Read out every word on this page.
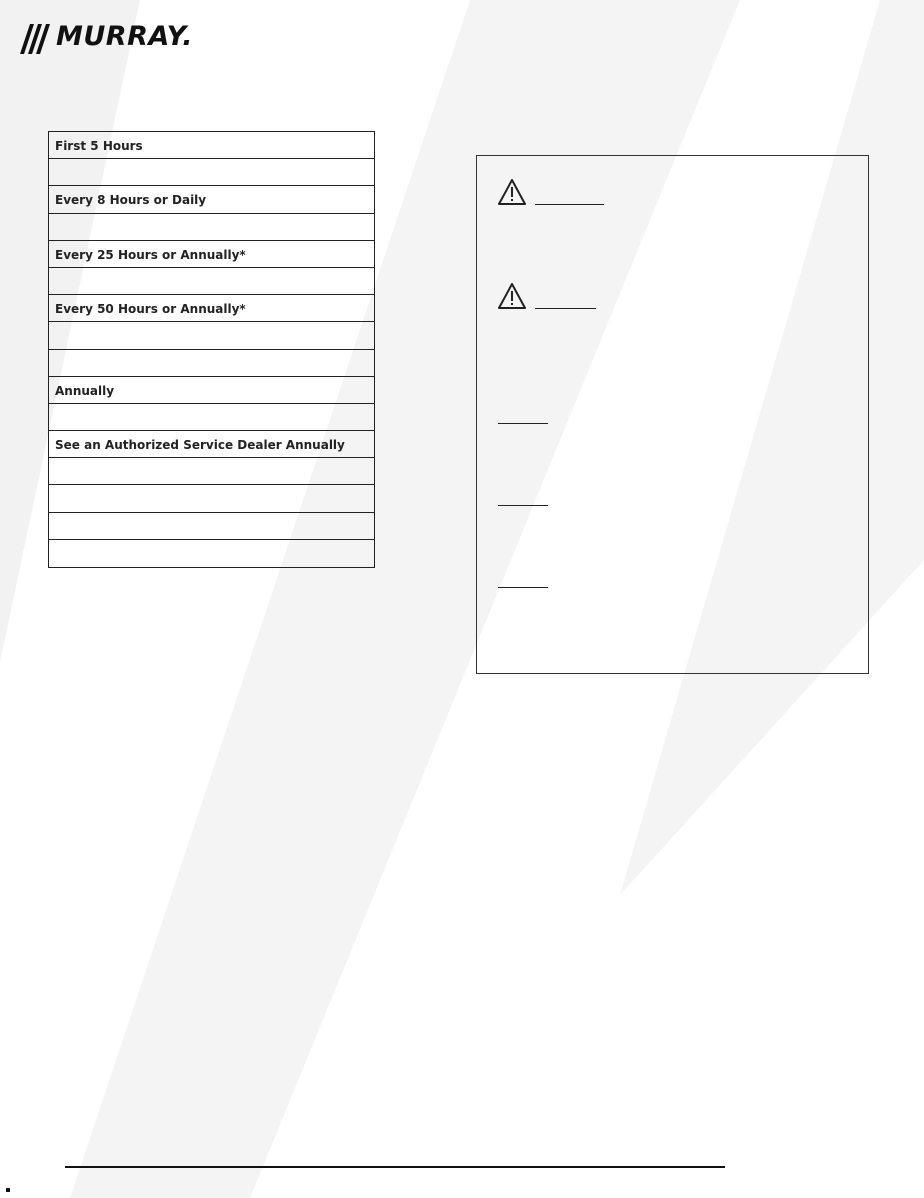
MURRAY.
First 5 Hours
Every 8 Hours or Daily
Every 25 Hours or Annually*
Every 50 Hours or Annually*
Annually
See an Authorized Service Dealer Annually
